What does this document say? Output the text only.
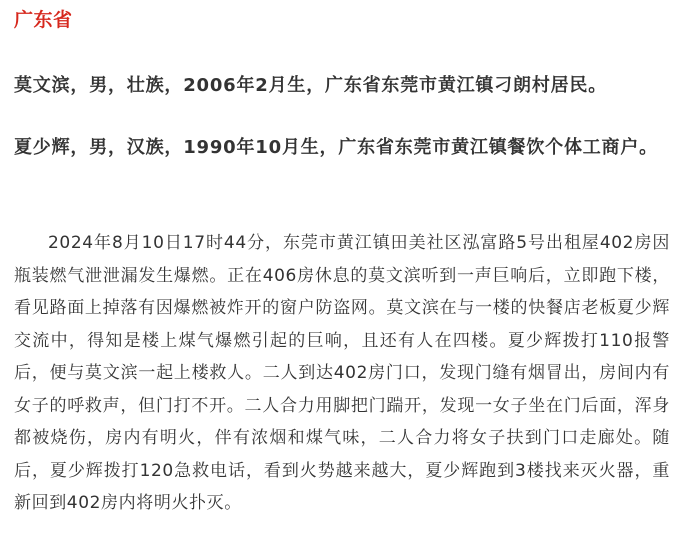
广东省
莫文滨，男，壮族，2006年2月生，广东省东莞市黄江镇刁朗村居民。
夏少辉，男，汉族，1990年10月生，广东省东莞市黄江镇餐饮个体工商户。

2024年8月10日17时44分，东莞市黄江镇田美社区泓富路5号出租屋402房因瓶装燃气泄泄漏发生爆燃。正在406房休息的莫文滨听到一声巨响后，立即跑下楼，看见路面上掉落有因爆燃被炸开的窗户防盗网。莫文滨在与一楼的快餐店老板夏少辉交流中，得知是楼上煤气爆燃引起的巨响，且还有人在四楼。夏少辉拨打110报警后，便与莫文滨一起上楼救人。二人到达402房门口，发现门缝有烟冒出，房间内有女子的呼救声，但门打不开。二人合力用脚把门踹开，发现一女子坐在门后面，浑身都被烧伤，房内有明火，伴有浓烟和煤气味，二人合力将女子扶到门口走廊处。随后，夏少辉拨打120急救电话，看到火势越来越大，夏少辉跑到3楼找来灭火器，重新回到402房内将明火扑灭。
